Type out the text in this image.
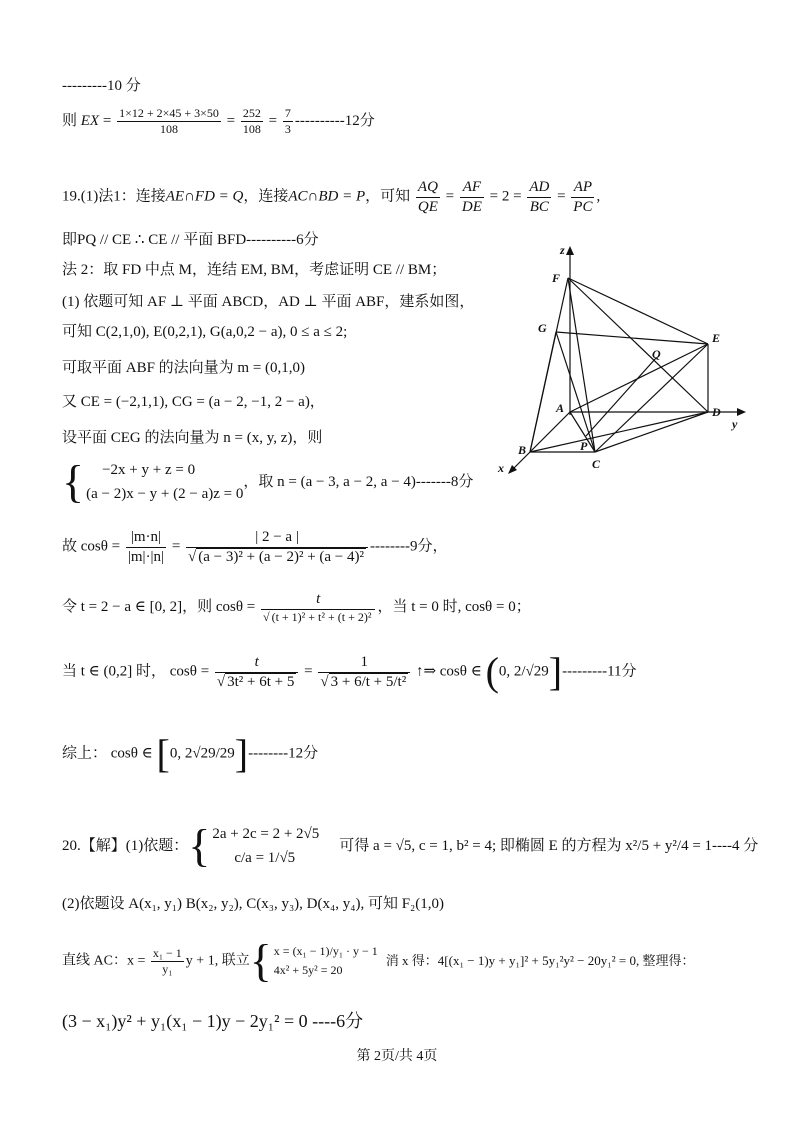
---------10 分
则 EX = $\frac{1\times 12 + 2\times 45 + 3\times 50}{108} = \frac{252}{108} = \frac{7}{3} ----------12$分
19.(1)法1：连接AE∩FD = Q，连接AC∩BD = P，可知 $\frac{AQ}{QE} = \frac{AF}{DE} = 2 = \frac{AD}{BC} = \frac{AP}{PC}$ ,
即PQ // CE ∴ CE // 平面 BFD----------6分
法 2：取 FD 中点 M，连结 EM, BM，考虑证明 CE // BM；
(1) 依题可知 AF ⊥ 平面 ABCD，AD ⊥ 平面 ABF，建系如图，
可知 C(2,1,0), E(0,2,1), G(a,0,2 − a), 0 ≤ a ≤ 2;
可取平面 ABF 的法向量为 m = (0,1,0)
又 CE = (−2,1,1), CG = (a − 2, −1, 2 − a)，
设平面 CEG 的法向量为 n = (x, y, z)，则
{	−2x + y + z = 0
(a − 2)x − y + (2 − a)z = 0
，取 n = (a − 3, a − 2, a − 4)-------8分
故 $\cos\theta = \frac{|m\cdot n|}{|m|\cdot|n|} = \frac{| 2 - a |}{\text{√ (a − 3)² + (a − 2)² + (a − 4)²}} --------9$分，
令 t = 2 − a ∈ [0, 2]，则 $\cos\theta = \frac{t}{\text{√ (t + 1)² + t² + (t + 2)²}}$ ，当 t = 0 时, cosθ = 0；
当 t ∈ (0,2] 时， $\cos\theta = \frac{t}{\text{√ 3t² + 6t + 5}} = \frac{1}{\text{√ 3 + 6/t + 5/t²}}$ ↑⇒ cosθ ∈ (0, 2/√29]---------11分
综上： cosθ ∈ [0, 2√29/29]--------12分
20.【解】(1)依题：{ 2a + 2c = 2 + 2√5
c/a = 1/√5
可得 a = √5, c = 1, b² = 4; 即椭圆 E 的方程为 x²/5 + y²/4 = 1----4 分
(2)依题设 A(x₁, y₁) B(x₂, y₂), C(x₃, y₃), D(x₄, y₄), 可知 F₂(1,0)
直线 AC：$x = \frac{\text{x₁ − 1}}{\text{y₁}}$ y + 1, 联立{ x = (x₁ − 1)/y₁ · y − 1
4x² + 5y² = 20
消 x 得：4[(x₁ − 1)y + y₁]² + 5y₁²y² − 20y₁² = 0, 整理得：
(3 − x₁)y² + y₁(x₁ − 1)y − 2y₁² = 0 ----6分
z
F
G
E
Q
A	D
y
B	P
C
x
第 2页/共 4页
